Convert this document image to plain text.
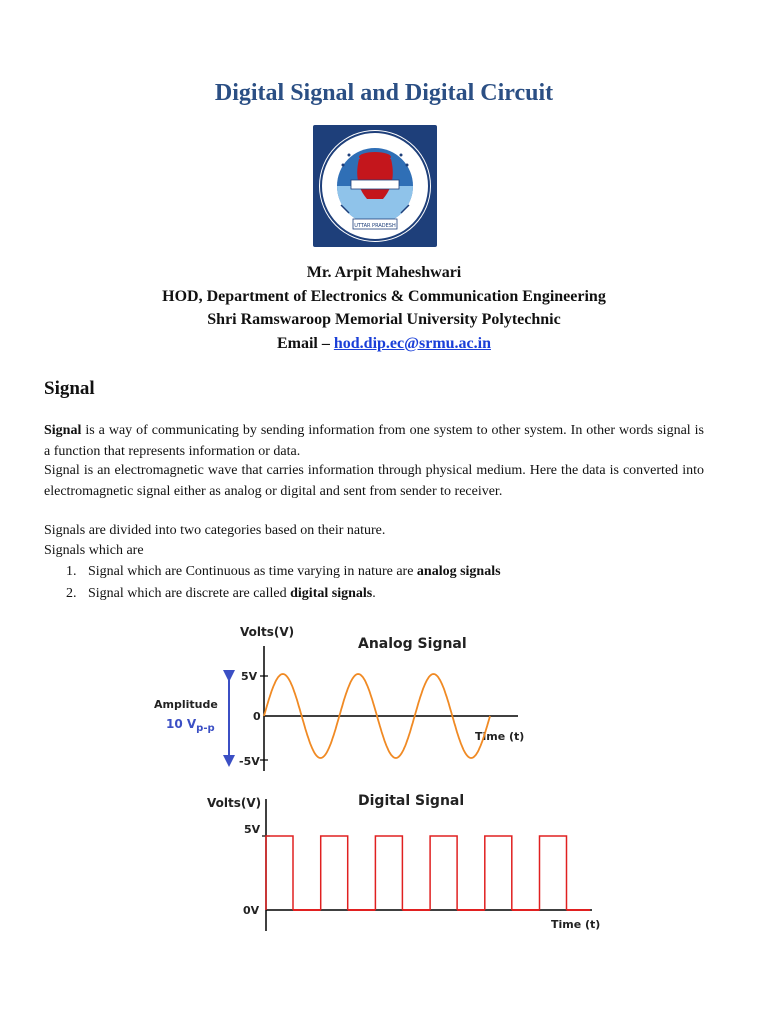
Digital Signal and Digital Circuit
UTTAR PRADESH
Mr. Arpit Maheshwari
HOD, Department of Electronics & Communication Engineering
Shri Ramswaroop Memorial University Polytechnic
Email – hod.dip.ec@srmu.ac.in
Signal
Signal is a way of communicating by sending information from one system to other system. In other words signal is a function that represents information or data.
Signal is an electromagnetic wave that carries information through physical medium. Here the data is converted into electromagnetic signal either as analog or digital and sent from sender to receiver.
Signals are divided into two categories based on their nature.
Signals which are
1. Signal which are Continuous as time varying in nature are analog signals
2. Signal which are discrete are called digital signals.
Volts(V)
Analog Signal
5V
0
-5V
Time (t)
Amplitude
10 $V_{p-p}$
Volts(V)	Digital Signal
5V
0V
Time (t)
